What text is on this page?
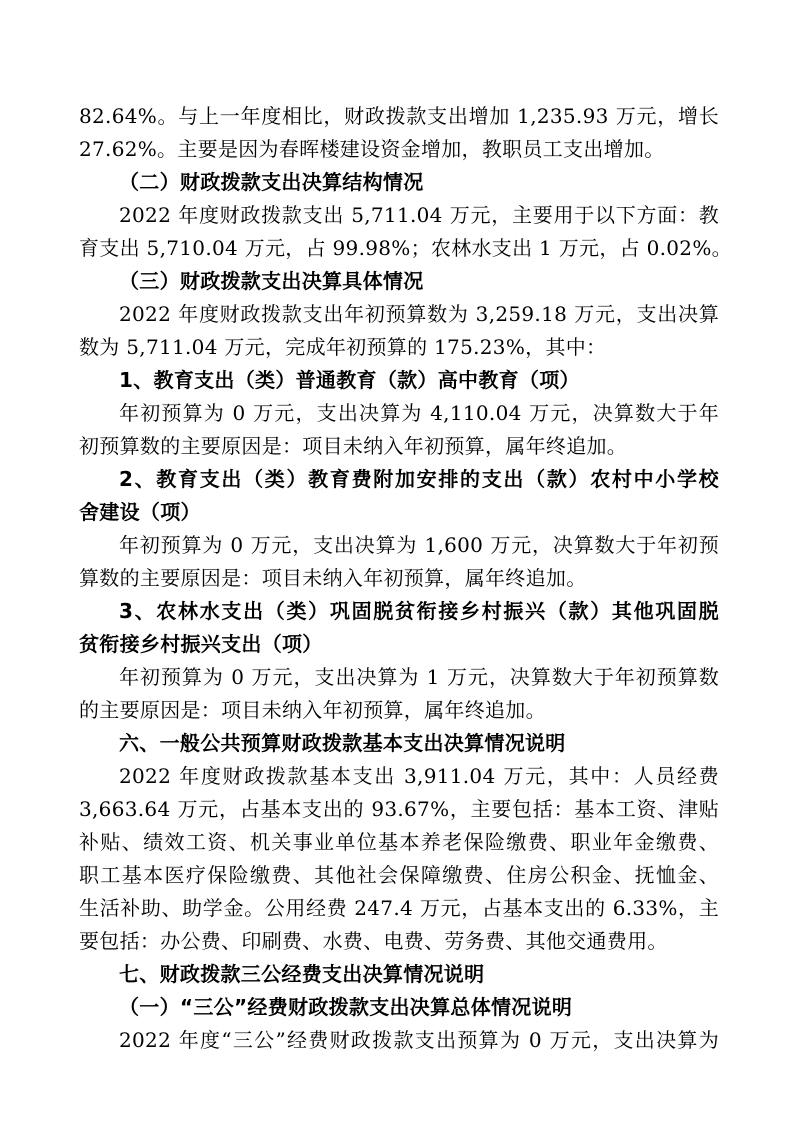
82.64%。与上一年度相比，财政拨款支出增加 1,235.93 万元，增长
27.62%。主要是因为春晖楼建设资金增加，教职员工支出增加。
（二）财政拨款支出决算结构情况
2022 年度财政拨款支出 5,711.04 万元，主要用于以下方面：教
育支出 5,710.04 万元，占 99.98%；农林水支出 1 万元，占 0.02%。
（三）财政拨款支出决算具体情况
2022 年度财政拨款支出年初预算数为 3,259.18 万元，支出决算
数为 5,711.04 万元，完成年初预算的 175.23%，其中：
1、教育支出（类）普通教育（款）高中教育（项）
年初预算为 0 万元，支出决算为 4,110.04 万元，决算数大于年
初预算数的主要原因是：项目未纳入年初预算，属年终追加。
2、教育支出（类）教育费附加安排的支出（款）农村中小学校
舍建设（项）
年初预算为 0 万元，支出决算为 1,600 万元，决算数大于年初预
算数的主要原因是：项目未纳入年初预算，属年终追加。
3、农林水支出（类）巩固脱贫衔接乡村振兴（款）其他巩固脱
贫衔接乡村振兴支出（项）
年初预算为 0 万元，支出决算为 1 万元，决算数大于年初预算数
的主要原因是：项目未纳入年初预算，属年终追加。
六、一般公共预算财政拨款基本支出决算情况说明
2022 年度财政拨款基本支出 3,911.04 万元，其中：人员经费
3,663.64 万元，占基本支出的 93.67%，主要包括：基本工资、津贴
补贴、绩效工资、机关事业单位基本养老保险缴费、职业年金缴费、
职工基本医疗保险缴费、其他社会保障缴费、住房公积金、抚恤金、
生活补助、助学金。公用经费 247.4 万元，占基本支出的 6.33%，主
要包括：办公费、印刷费、水费、电费、劳务费、其他交通费用。
七、财政拨款三公经费支出决算情况说明
（一）“三公”经费财政拨款支出决算总体情况说明
2022 年度“三公”经费财政拨款支出预算为 0 万元，支出决算为
